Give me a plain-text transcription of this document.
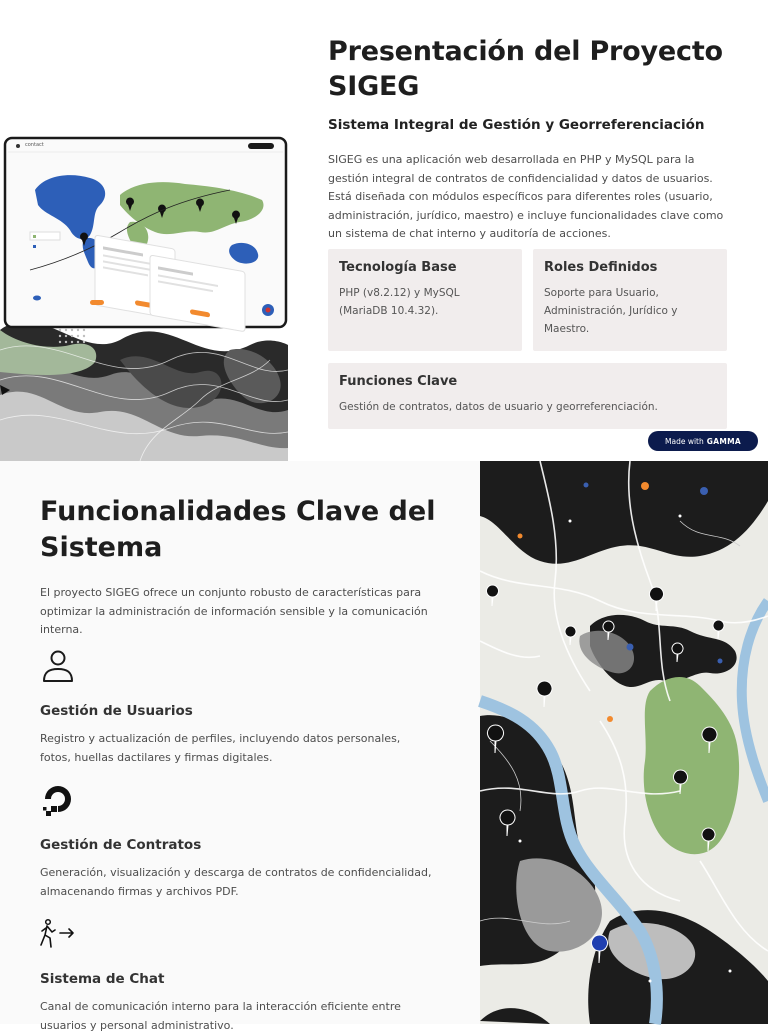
contact
Presentación del Proyecto SIGEG
Sistema Integral de Gestión y Georreferenciación

SIGEG es una aplicación web desarrollada en PHP y MySQL para la gestión integral de contratos de confidencialidad y datos de usuarios. Está diseñada con módulos específicos para diferentes roles (usuario, administración, jurídico, maestro) e incluye funcionalidades clave como un sistema de chat interno y auditoría de acciones.

Tecnología Base
PHP (v8.2.12) y MySQL (MariaDB 10.4.32).
Roles Definidos
Soporte para Usuario, Administración, Jurídico y Maestro.
Funciones Clave
Gestión de contratos, datos de usuario y georreferenciación.
Made with GAMMA
Funcionalidades Clave del Sistema

El proyecto SIGEG ofrece un conjunto robusto de características para optimizar la administración de información sensible y la comunicación interna.

Gestión de Usuarios
Registro y actualización de perfiles, incluyendo datos personales, fotos, huellas dactilares y firmas digitales.
Gestión de Contratos
Generación, visualización y descarga de contratos de confidencialidad, almacenando firmas y archivos PDF.
Sistema de Chat
Canal de comunicación interno para la interacción eficiente entre usuarios y personal administrativo.
